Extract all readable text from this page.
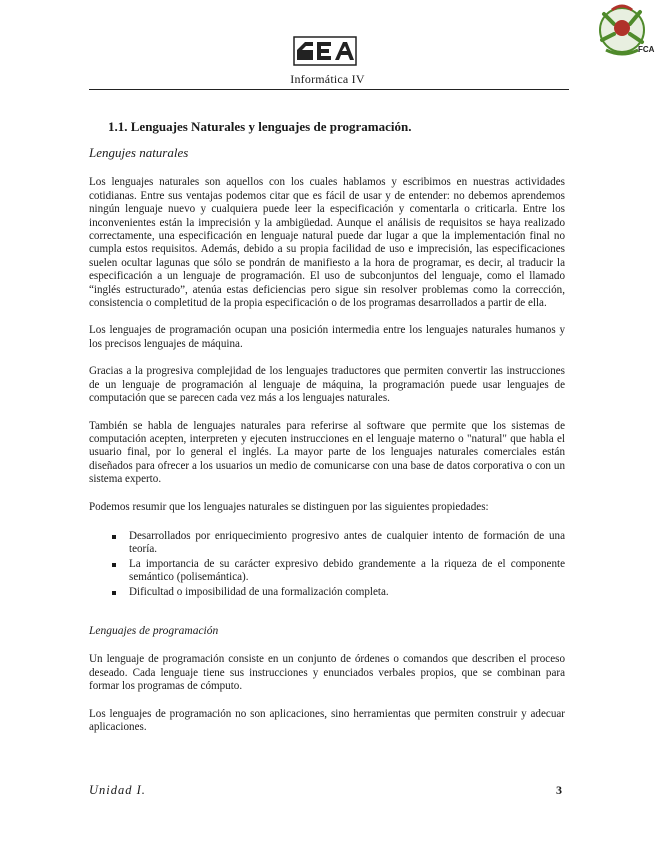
FCA
Informática IV
1.1. Lenguajes Naturales y lenguajes de programación.
Lengujes naturales

Los lenguajes naturales son aquellos con los cuales hablamos y escribimos en nuestras actividades cotidianas. Entre sus ventajas podemos citar que es fácil de usar y de entender: no debemos aprendemos ningún lenguaje nuevo y cualquiera puede leer la especificación y comentarla o criticarla. Entre los inconvenientes están la imprecisión y la ambigüedad. Aunque el análisis de requisitos se haya realizado correctamente, una especificación en lenguaje natural puede dar lugar a que la implementación final no cumpla estos requisitos. Además, debido a su propia facilidad de uso e imprecisión, las especificaciones suelen ocultar lagunas que sólo se pondrán de manifiesto a la hora de programar, es decir, al traducir la especificación a un lenguaje de programación. El uso de subconjuntos del lenguaje, como el llamado “inglés estructurado”, atenúa estas deficiencias pero sigue sin resolver problemas como la corrección, consistencia o completitud de la propia especificación o de los programas desarrollados a partir de ella.

Los lenguajes de programación ocupan una posición intermedia entre los lenguajes naturales humanos y los precisos lenguajes de máquina.

Gracias a la progresiva complejidad de los lenguajes traductores que permiten convertir las instrucciones de un lenguaje de programación al lenguaje de máquina, la programación puede usar lenguajes de computación que se parecen cada vez más a los lenguajes naturales.

También se habla de lenguajes naturales para referirse al software que permite que los sistemas de computación acepten, interpreten y ejecuten instrucciones en el lenguaje materno o "natural" que habla el usuario final, por lo general el inglés. La mayor parte de los lenguajes naturales comerciales están diseñados para ofrecer a los usuarios un medio de comunicarse con una base de datos corporativa o con un sistema experto.

Podemos resumir que los lenguajes naturales se distinguen por las siguientes propiedades:

Desarrollados por enriquecimiento progresivo antes de cualquier intento de formación de una teoría.
La importancia de su carácter expresivo debido grandemente a la riqueza de el componente semántico (polisemántica).
Dificultad o imposibilidad de una formalización completa.
Lenguajes de programación

Un lenguaje de programación consiste en un conjunto de órdenes o comandos que describen el proceso deseado. Cada lenguaje tiene sus instrucciones y enunciados verbales propios, que se combinan para formar los programas de cómputo.

Los lenguajes de programación no son aplicaciones, sino herramientas que permiten construir y adecuar aplicaciones.

Unidad I.	3
